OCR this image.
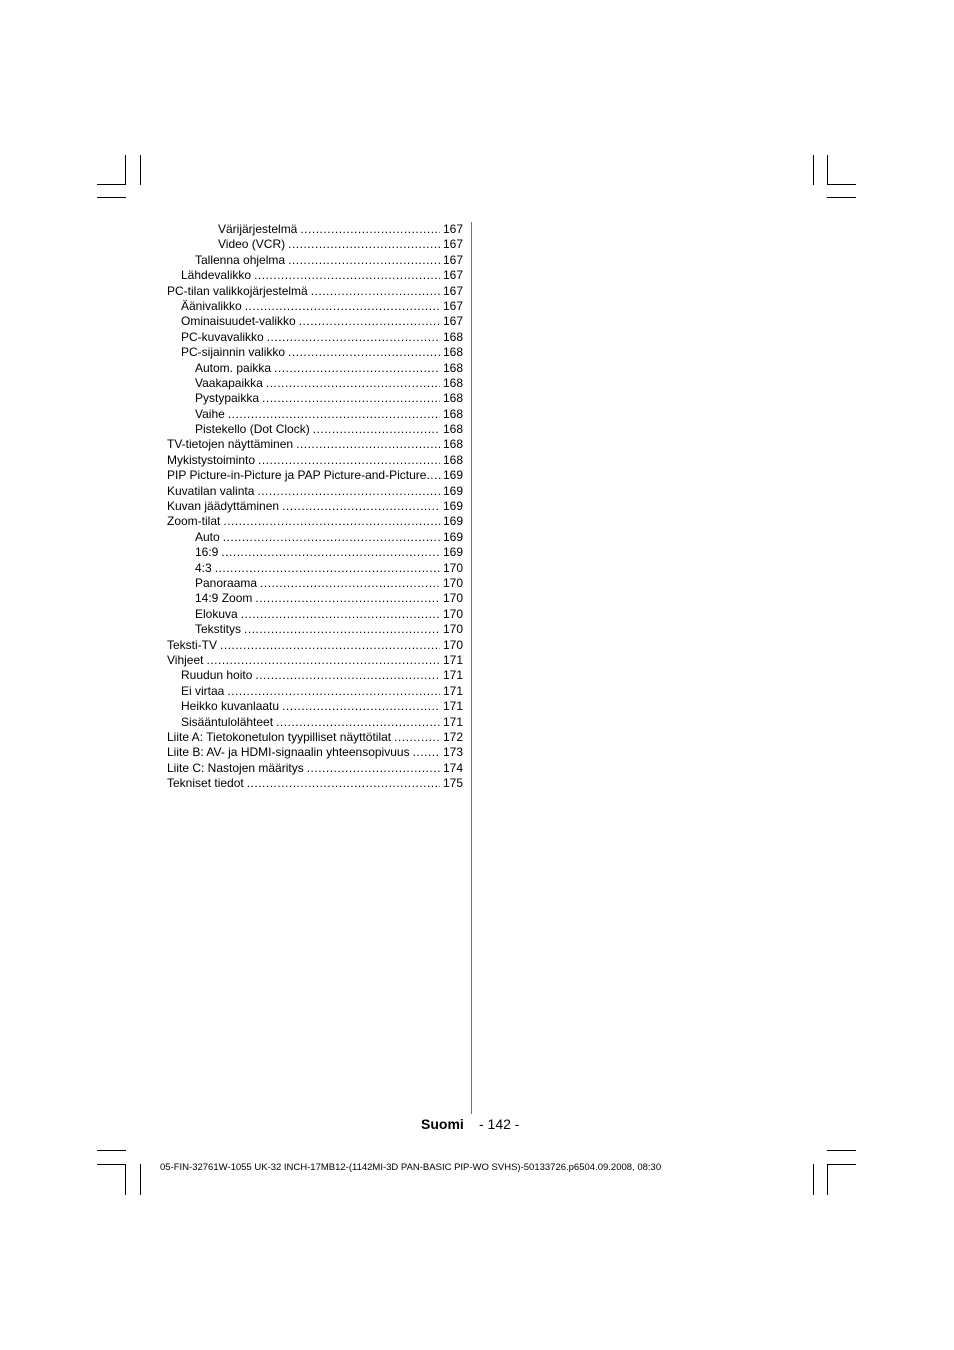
Värijärjestelmä .....	167
Video (VCR) .....	167
Tallenna ohjelma .....	167
Lähdevalikko .....	167
PC-tilan valikkojärjestelmä .....	167
Äänivalikko .....	167
Ominaisuudet-valikko .....	167
PC-kuvavalikko .....	168
PC-sijainnin valikko .....	168
Autom. paikka .....	168
Vaakapaikka .....	168
Pystypaikka .....	168
Vaihe .....	168
Pistekello (Dot Clock) .....	168
TV-tietojen näyttäminen .....	168
Mykistystoiminto .....	168
PIP Picture-in-Picture ja PAP Picture-and-Picture ..... 169
Kuvatilan valinta .....	169
Kuvan jäädyttäminen .....	169
Zoom-tilat .....	169
Auto .....	169
16:9 .....	169
4:3 .....	170
Panoraama .....	170
14:9 Zoom .....	170
Elokuva .....	170
Tekstitys .....	170
Teksti-TV .....	170
Vihjeet .....	171
Ruudun hoito .....	171
Ei virtaa .....	171
Heikko kuvanlaatu .....	171
Sisääntulolähteet .....	171
Liite A: Tietokonetulon tyypilliset näyttötilat .....	172
Liite B: AV- ja HDMI-signaalin yhteensopivuus .....	173
Liite C: Nastojen määritys .....	174
Tekniset tiedot .....	175
Suomi - 142 -
05-FIN-32761W-1055 UK-32 INCH-17MB12-(1142MI-3D PAN-BASIC PIP-WO SVHS)-50133726.p6504.09.2008, 08:30
